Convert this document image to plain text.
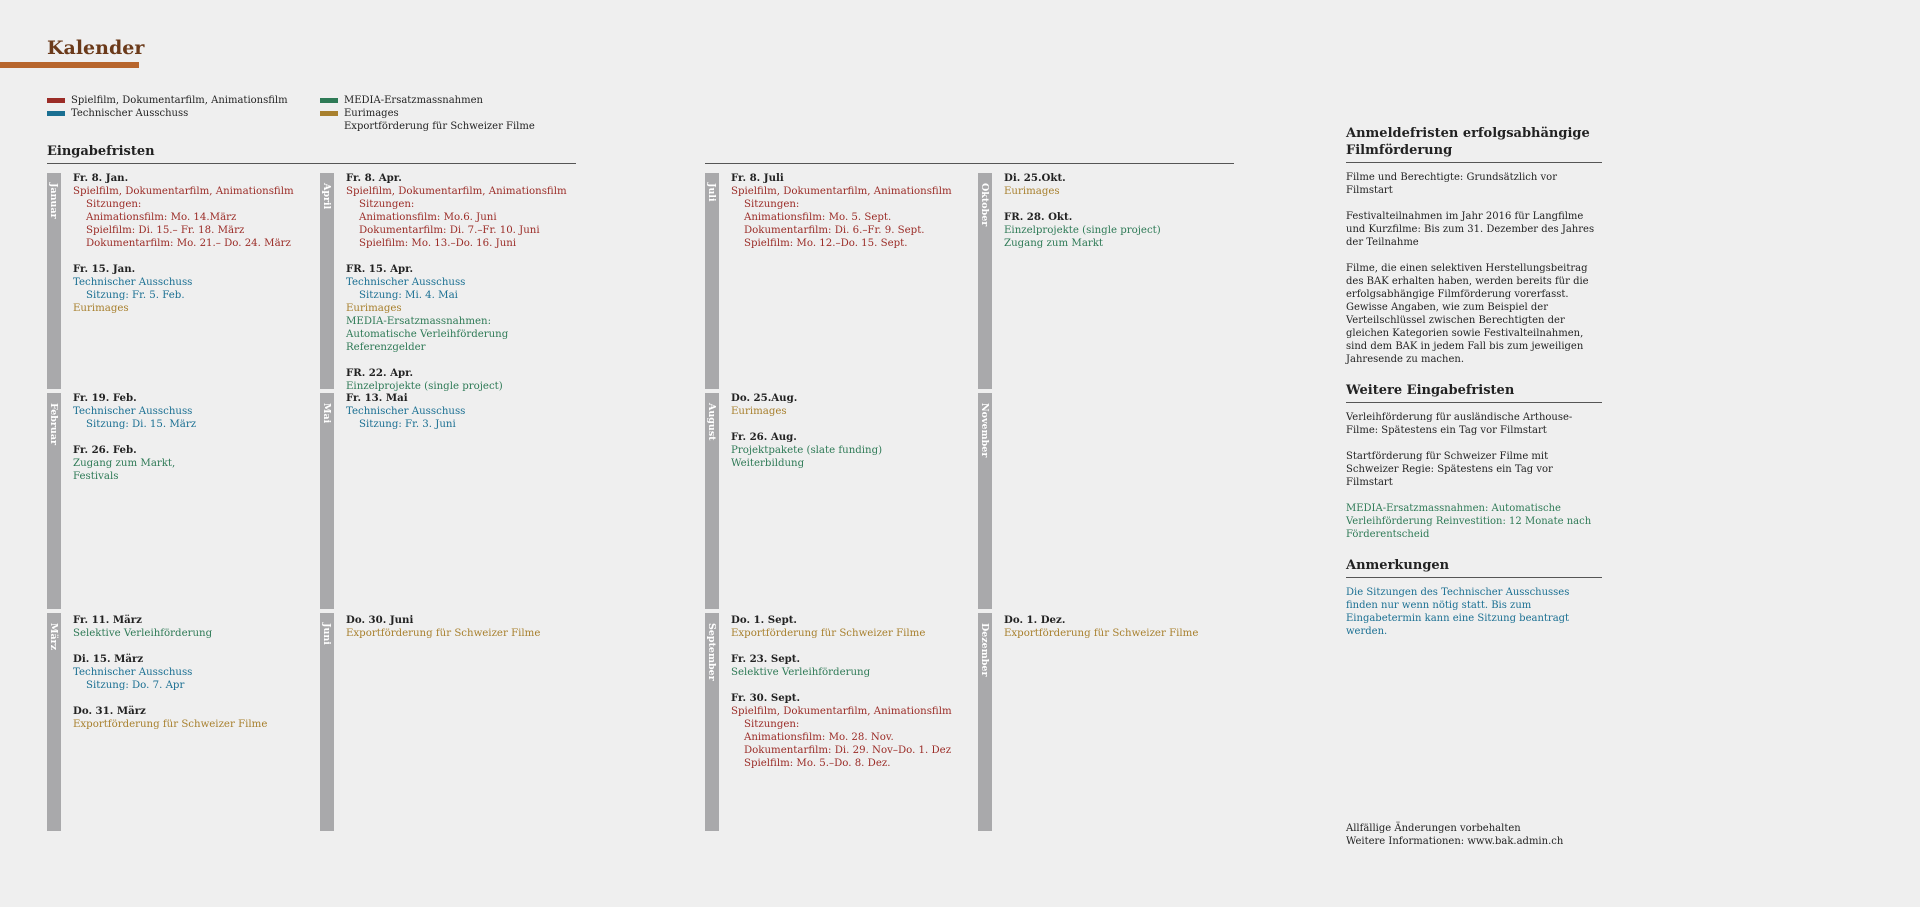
Kalender
Spielfilm, Dokumentarfilm, Animationsfilm
Technischer Ausschuss
MEDIA-Ersatzmassnahmen
Eurimages
Exportförderung für Schweizer Filme
Eingabefristen
Januar
Februar
März
April
Mai
Juni
Juli
August
September
Oktober
November
Dezember
Fr. 8. Jan.
Spielfilm, Dokumentarfilm, Animationsfilm
Sitzungen:
Animationsfilm: Mo. 14.März
Spielfilm: Di. 15.– Fr. 18. März
Dokumentarfilm: Mo. 21.– Do. 24. März
Fr. 15. Jan.
Technischer Ausschuss
Sitzung: Fr. 5. Feb.
Eurimages
Fr. 19. Feb.
Technischer Ausschuss
Sitzung: Di. 15. März
Fr. 26. Feb.
Zugang zum Markt,
Festivals
Fr. 11. März
Selektive Verleihförderung
Di. 15. März
Technischer Ausschuss
Sitzung: Do. 7. Apr
Do. 31. März
Exportförderung für Schweizer Filme
Fr. 8. Apr.
Spielfilm, Dokumentarfilm, Animationsfilm
Sitzungen:
Animationsfilm: Mo.6. Juni
Dokumentarfilm: Di. 7.–Fr. 10. Juni
Spielfilm: Mo. 13.–Do. 16. Juni
FR. 15. Apr.
Technischer Ausschuss
Sitzung: Mi. 4. Mai
Eurimages
MEDIA-Ersatzmassnahmen:
Automatische Verleihförderung Referenzgelder
FR. 22. Apr.
Einzelprojekte (single project)
Fr. 13. Mai
Technischer Ausschuss
Sitzung: Fr. 3. Juni
Do. 30. Juni
Exportförderung für Schweizer Filme
Fr. 8. Juli
Spielfilm, Dokumentarfilm, Animationsfilm
Sitzungen:
Animationsfilm: Mo. 5. Sept.
Dokumentarfilm: Di. 6.–Fr. 9. Sept.
Spielfilm: Mo. 12.–Do. 15. Sept.
Do. 25.Aug.
Eurimages
Fr. 26. Aug.
Projektpakete (slate funding)
Weiterbildung
Do. 1. Sept.
Exportförderung für Schweizer Filme
Fr. 23. Sept.
Selektive Verleihförderung
Fr. 30. Sept.
Spielfilm, Dokumentarfilm, Animationsfilm
Sitzungen:
Animationsfilm: Mo. 28. Nov.
Dokumentarfilm: Di. 29. Nov–Do. 1. Dez
Spielfilm: Mo. 5.–Do. 8. Dez.
Di. 25.Okt.
Eurimages
FR. 28. Okt.
Einzelprojekte (single project)
Zugang zum Markt
Do. 1. Dez.
Exportförderung für Schweizer Filme
Anmeldefristen erfolgsabhängige Filmförderung

Filme und Berechtigte: Grundsätzlich vor Filmstart

Festivalteilnahmen im Jahr 2016 für Langfilme und Kurzfilme: Bis zum 31. Dezember des Jahres der Teilnahme

Filme, die einen selektiven Herstellungsbeitrag des BAK erhalten haben, werden bereits für die erfolgsabhängige Filmförderung vorerfasst. Gewisse Angaben, wie zum Beispiel der Verteilschlüssel zwischen Berechtigten der gleichen Kategorien sowie Festivalteilnahmen, sind dem BAK in jedem Fall bis zum jeweiligen Jahresende zu machen.

Weitere Eingabefristen

Verleihförderung für ausländische Arthouse-Filme: Spätestens ein Tag vor Filmstart

Startförderung für Schweizer Filme mit Schweizer Regie: Spätestens ein Tag vor Filmstart

MEDIA-Ersatzmassnahmen: Automatische Verleihförderung Reinvestition: 12 Monate nach Förderentscheid

Anmerkungen

Die Sitzungen des Technischer Ausschusses finden nur wenn nötig statt. Bis zum Eingabetermin kann eine Sitzung beantragt werden.

Allfällige Änderungen vorbehalten
Weitere Informationen: www.bak.admin.ch
